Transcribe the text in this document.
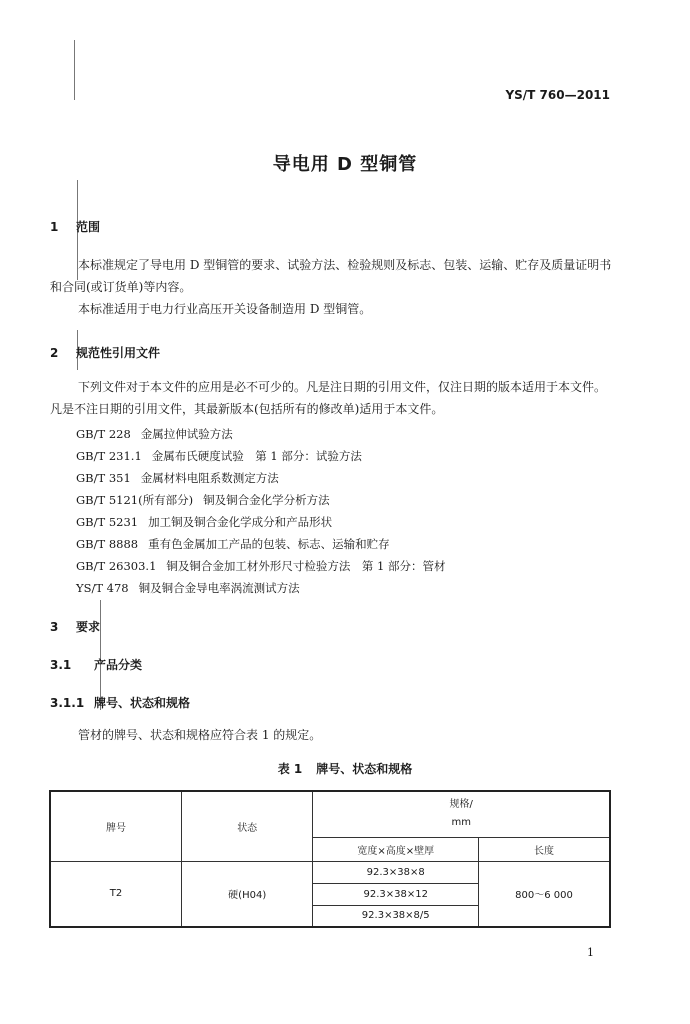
YS/T 760—2011
导电用 D 型铜管
1 范围
本标准规定了导电用 D 型铜管的要求、试验方法、检验规则及标志、包装、运输、贮存及质量证明书和合同(或订货单)等内容。
本标准适用于电力行业高压开关设备制造用 D 型铜管。
2 规范性引用文件
下列文件对于本文件的应用是必不可少的。凡是注日期的引用文件，仅注日期的版本适用于本文件。凡是不注日期的引用文件，其最新版本(包括所有的修改单)适用于本文件。
GB/T 228 金属拉伸试验方法
GB/T 231.1 金属布氏硬度试验　第 1 部分：试验方法
GB/T 351 金属材料电阻系数测定方法
GB/T 5121(所有部分) 铜及铜合金化学分析方法
GB/T 5231 加工铜及铜合金化学成分和产品形状
GB/T 8888 重有色金属加工产品的包装、标志、运输和贮存
GB/T 26303.1 铜及铜合金加工材外形尺寸检验方法　第 1 部分：管材
YS/T 478 铜及铜合金导电率涡流测试方法
3 要求
3.1 产品分类
3.1.1 牌号、状态和规格
管材的牌号、状态和规格应符合表 1 的规定。
表 1 牌号、状态和规格
牌号	状态	规格/
mm	

		宽度×高度×壁厚	长度
T2	硬(H04)	92.3×38×8	800～6 000
		92.3×38×12	
		92.3×38×8/5	
1
